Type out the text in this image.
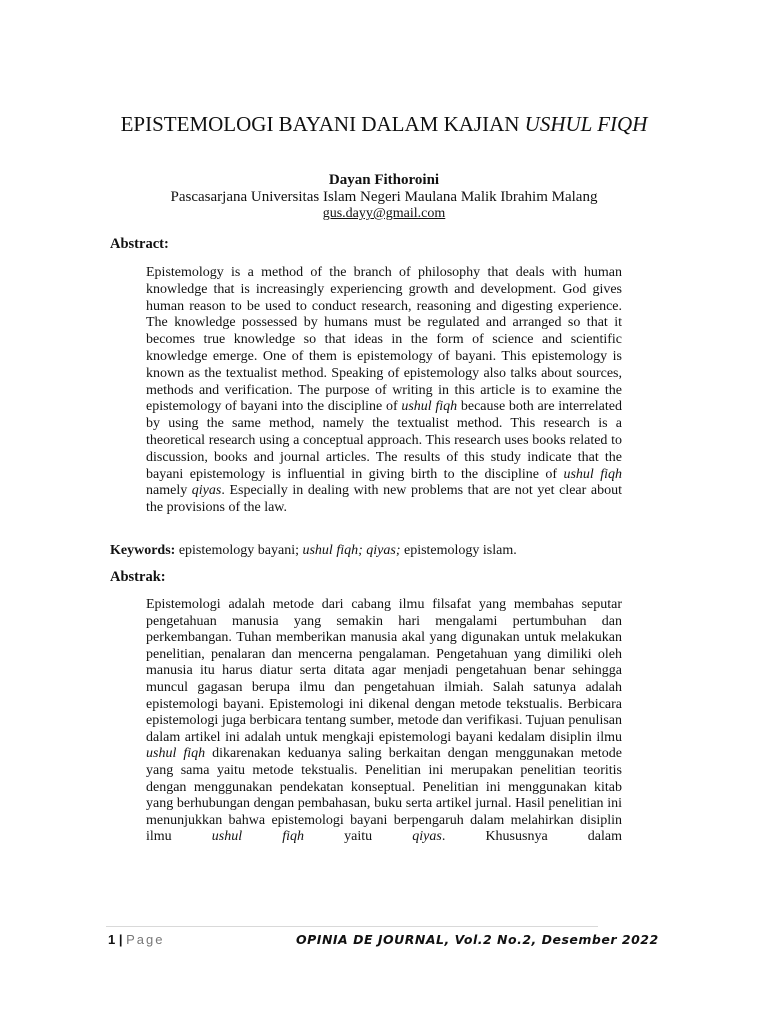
EPISTEMOLOGI BAYANI DALAM KAJIAN USHUL FIQH
Dayan Fithoroini
Pascasarjana Universitas Islam Negeri Maulana Malik Ibrahim Malang
gus.dayy@gmail.com
Abstract:

Epistemology is a method of the branch of philosophy that deals with human knowledge that is increasingly experiencing growth and development. God gives human reason to be used to conduct research, reasoning and digesting experience. The knowledge possessed by humans must be regulated and arranged so that it becomes true knowledge so that ideas in the form of science and scientific knowledge emerge. One of them is epistemology of bayani. This epistemology is known as the textualist method. Speaking of epistemology also talks about sources, methods and verification. The purpose of writing in this article is to examine the epistemology of bayani into the discipline of ushul fiqh because both are interrelated by using the same method, namely the textualist method. This research is a theoretical research using a conceptual approach. This research uses books related to discussion, books and journal articles. The results of this study indicate that the bayani epistemology is influential in giving birth to the discipline of ushul fiqh namely qiyas. Especially in dealing with new problems that are not yet clear about the provisions of the law.

Keywords: epistemology bayani; ushul fiqh; qiyas; epistemology islam.
Abstrak:

Epistemologi adalah metode dari cabang ilmu filsafat yang membahas seputar pengetahuan manusia yang semakin hari mengalami pertumbuhan dan perkembangan. Tuhan memberikan manusia akal yang digunakan untuk melakukan penelitian, penalaran dan mencerna pengalaman. Pengetahuan yang dimiliki oleh manusia itu harus diatur serta ditata agar menjadi pengetahuan benar sehingga muncul gagasan berupa ilmu dan pengetahuan ilmiah. Salah satunya adalah epistemologi bayani. Epistemologi ini dikenal dengan metode tekstualis. Berbicara epistemologi juga berbicara tentang sumber, metode dan verifikasi. Tujuan penulisan dalam artikel ini adalah untuk mengkaji epistemologi bayani kedalam disiplin ilmu ushul fiqh dikarenakan keduanya saling berkaitan dengan menggunakan metode yang sama yaitu metode tekstualis. Penelitian ini merupakan penelitian teoritis dengan menggunakan pendekatan konseptual. Penelitian ini menggunakan kitab yang berhubungan dengan pembahasan, buku serta artikel jurnal. Hasil penelitian ini menunjukkan bahwa epistemologi bayani berpengaruh dalam melahirkan disiplin ilmu ushul fiqh yaitu qiyas. Khususnya dalam

1 | Page	OPINIA DE JOURNAL, Vol.2 No.2, Desember 2022
